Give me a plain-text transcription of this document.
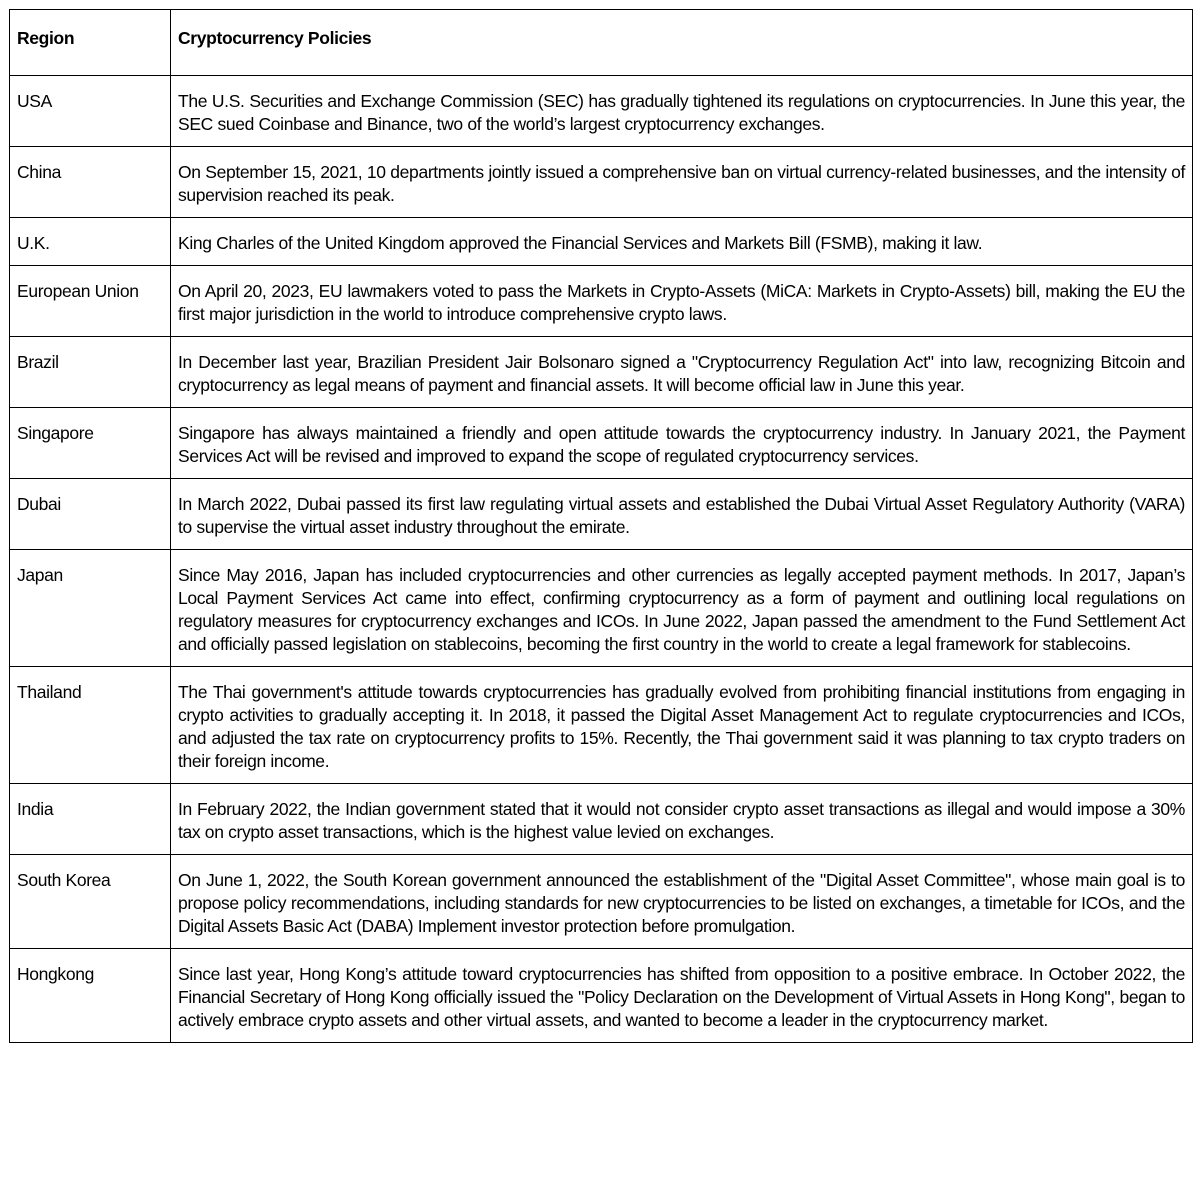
Region	Cryptocurrency Policies
USA	The U.S. Securities and Exchange Commission (SEC) has gradually tightened its regulations on cryptocurrencies. In June this year, the SEC sued Coinbase and Binance, two of the world’s largest cryptocurrency exchanges.
China	On September 15, 2021, 10 departments jointly issued a comprehensive ban on virtual currency-related businesses, and the intensity of supervision reached its peak.
U.K.	King Charles of the United Kingdom approved the Financial Services and Markets Bill (FSMB), making it law.
European Union	On April 20, 2023, EU lawmakers voted to pass the Markets in Crypto-Assets (MiCA: Markets in Crypto-Assets) bill, making the EU the first major jurisdiction in the world to introduce comprehensive crypto laws.
Brazil	In December last year, Brazilian President Jair Bolsonaro signed a "Cryptocurrency Regulation Act" into law, recognizing Bitcoin and cryptocurrency as legal means of payment and financial assets. It will become official law in June this year.
Singapore	Singapore has always maintained a friendly and open attitude towards the cryptocurrency industry. In January 2021, the Payment Services Act will be revised and improved to expand the scope of regulated cryptocurrency services.
Dubai	In March 2022, Dubai passed its first law regulating virtual assets and established the Dubai Virtual Asset Regulatory Authority (VARA) to supervise the virtual asset industry throughout the emirate.
Japan	Since May 2016, Japan has included cryptocurrencies and other currencies as legally accepted payment methods. In 2017, Japan’s Local Payment Services Act came into effect, confirming cryptocurrency as a form of payment and outlining local regulations on regulatory measures for cryptocurrency exchanges and ICOs. In June 2022, Japan passed the amendment to the Fund Settlement Act and officially passed legislation on stablecoins, becoming the first country in the world to create a legal framework for stablecoins.
Thailand	The Thai government's attitude towards cryptocurrencies has gradually evolved from prohibiting financial institutions from engaging in crypto activities to gradually accepting it. In 2018, it passed the Digital Asset Management Act to regulate cryptocurrencies and ICOs, and adjusted the tax rate on cryptocurrency profits to 15%. Recently, the Thai government said it was planning to tax crypto traders on their foreign income.
India	In February 2022, the Indian government stated that it would not consider crypto asset transactions as illegal and would impose a 30% tax on crypto asset transactions, which is the highest value levied on exchanges.
South Korea	On June 1, 2022, the South Korean government announced the establishment of the "Digital Asset Committee", whose main goal is to propose policy recommendations, including standards for new cryptocurrencies to be listed on exchanges, a timetable for ICOs, and the Digital Assets Basic Act (DABA) Implement investor protection before promulgation.
Hongkong	Since last year, Hong Kong’s attitude toward cryptocurrencies has shifted from opposition to a positive embrace. In October 2022, the Financial Secretary of Hong Kong officially issued the "Policy Declaration on the Development of Virtual Assets in Hong Kong", began to actively embrace crypto assets and other virtual assets, and wanted to become a leader in the cryptocurrency market.
